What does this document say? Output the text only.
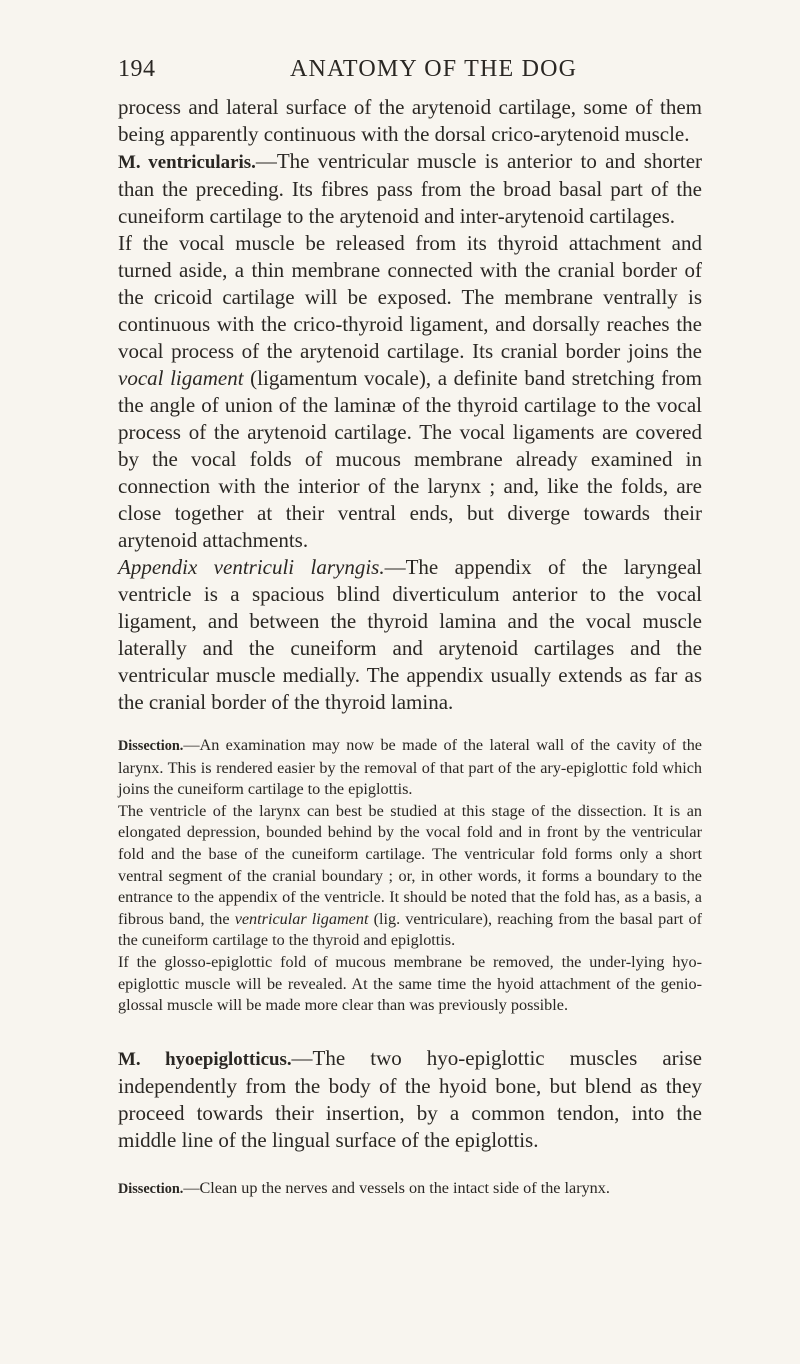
194	ANATOMY OF THE DOG

process and lateral surface of the arytenoid cartilage, some of them being apparently continuous with the dorsal crico-arytenoid muscle.

M. ventricularis.—The ventricular muscle is anterior to and shorter than the preceding. Its fibres pass from the broad basal part of the cuneiform cartilage to the arytenoid and inter-arytenoid cartilages.

If the vocal muscle be released from its thyroid attachment and turned aside, a thin membrane connected with the cranial border of the cricoid cartilage will be exposed. The membrane ventrally is continuous with the crico-thyroid ligament, and dorsally reaches the vocal process of the arytenoid cartilage. Its cranial border joins the vocal ligament (ligamentum vocale), a definite band stretching from the angle of union of the laminæ of the thyroid cartilage to the vocal process of the arytenoid cartilage. The vocal ligaments are covered by the vocal folds of mucous membrane already examined in connection with the interior of the larynx ; and, like the folds, are close together at their ventral ends, but diverge towards their arytenoid attachments.

Appendix ventriculi laryngis.—The appendix of the laryngeal ventricle is a spacious blind diverticulum anterior to the vocal ligament, and between the thyroid lamina and the vocal muscle laterally and the cuneiform and arytenoid cartilages and the ventricular muscle medially. The appendix usually extends as far as the cranial border of the thyroid lamina.

Dissection.—An examination may now be made of the lateral wall of the cavity of the larynx. This is rendered easier by the removal of that part of the ary-epiglottic fold which joins the cuneiform cartilage to the epiglottis.

The ventricle of the larynx can best be studied at this stage of the dissection. It is an elongated depression, bounded behind by the vocal fold and in front by the ventricular fold and the base of the cuneiform cartilage. The ventricular fold forms only a short ventral segment of the cranial boundary ; or, in other words, it forms a boundary to the entrance to the appendix of the ventricle. It should be noted that the fold has, as a basis, a fibrous band, the ventricular ligament (lig. ventriculare), reaching from the basal part of the cuneiform cartilage to the thyroid and epiglottis.

If the glosso-epiglottic fold of mucous membrane be removed, the under-lying hyo-epiglottic muscle will be revealed. At the same time the hyoid attachment of the genio-glossal muscle will be made more clear than was previously possible.

M. hyoepiglotticus.—The two hyo-epiglottic muscles arise independently from the body of the hyoid bone, but blend as they proceed towards their insertion, by a common tendon, into the middle line of the lingual surface of the epiglottis.

Dissection.—Clean up the nerves and vessels on the intact side of the larynx.
